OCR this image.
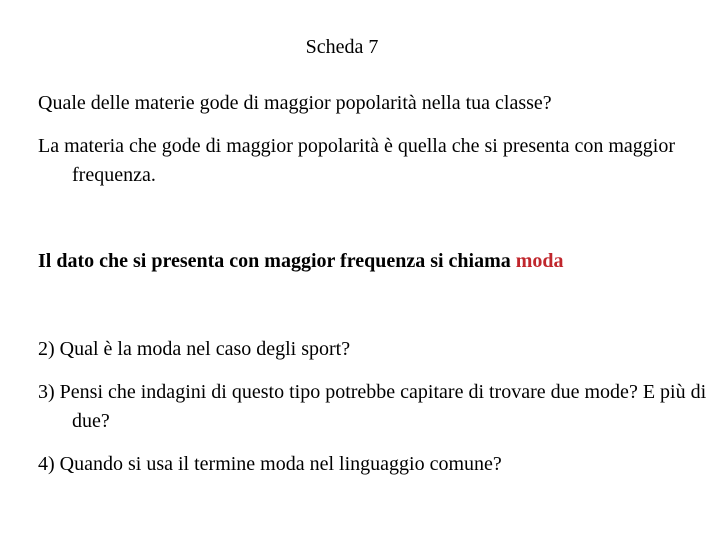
Scheda 7

Quale delle materie gode di maggior popolarità nella tua classe?

La materia che gode di maggior popolarità è quella che si presenta con maggior frequenza.

Il dato che si presenta con maggior frequenza si chiama moda

2) Qual è la moda nel caso degli sport?

3) Pensi che indagini di questo tipo potrebbe capitare di trovare due mode? E più di due?

4) Quando si usa il termine moda nel linguaggio comune?
